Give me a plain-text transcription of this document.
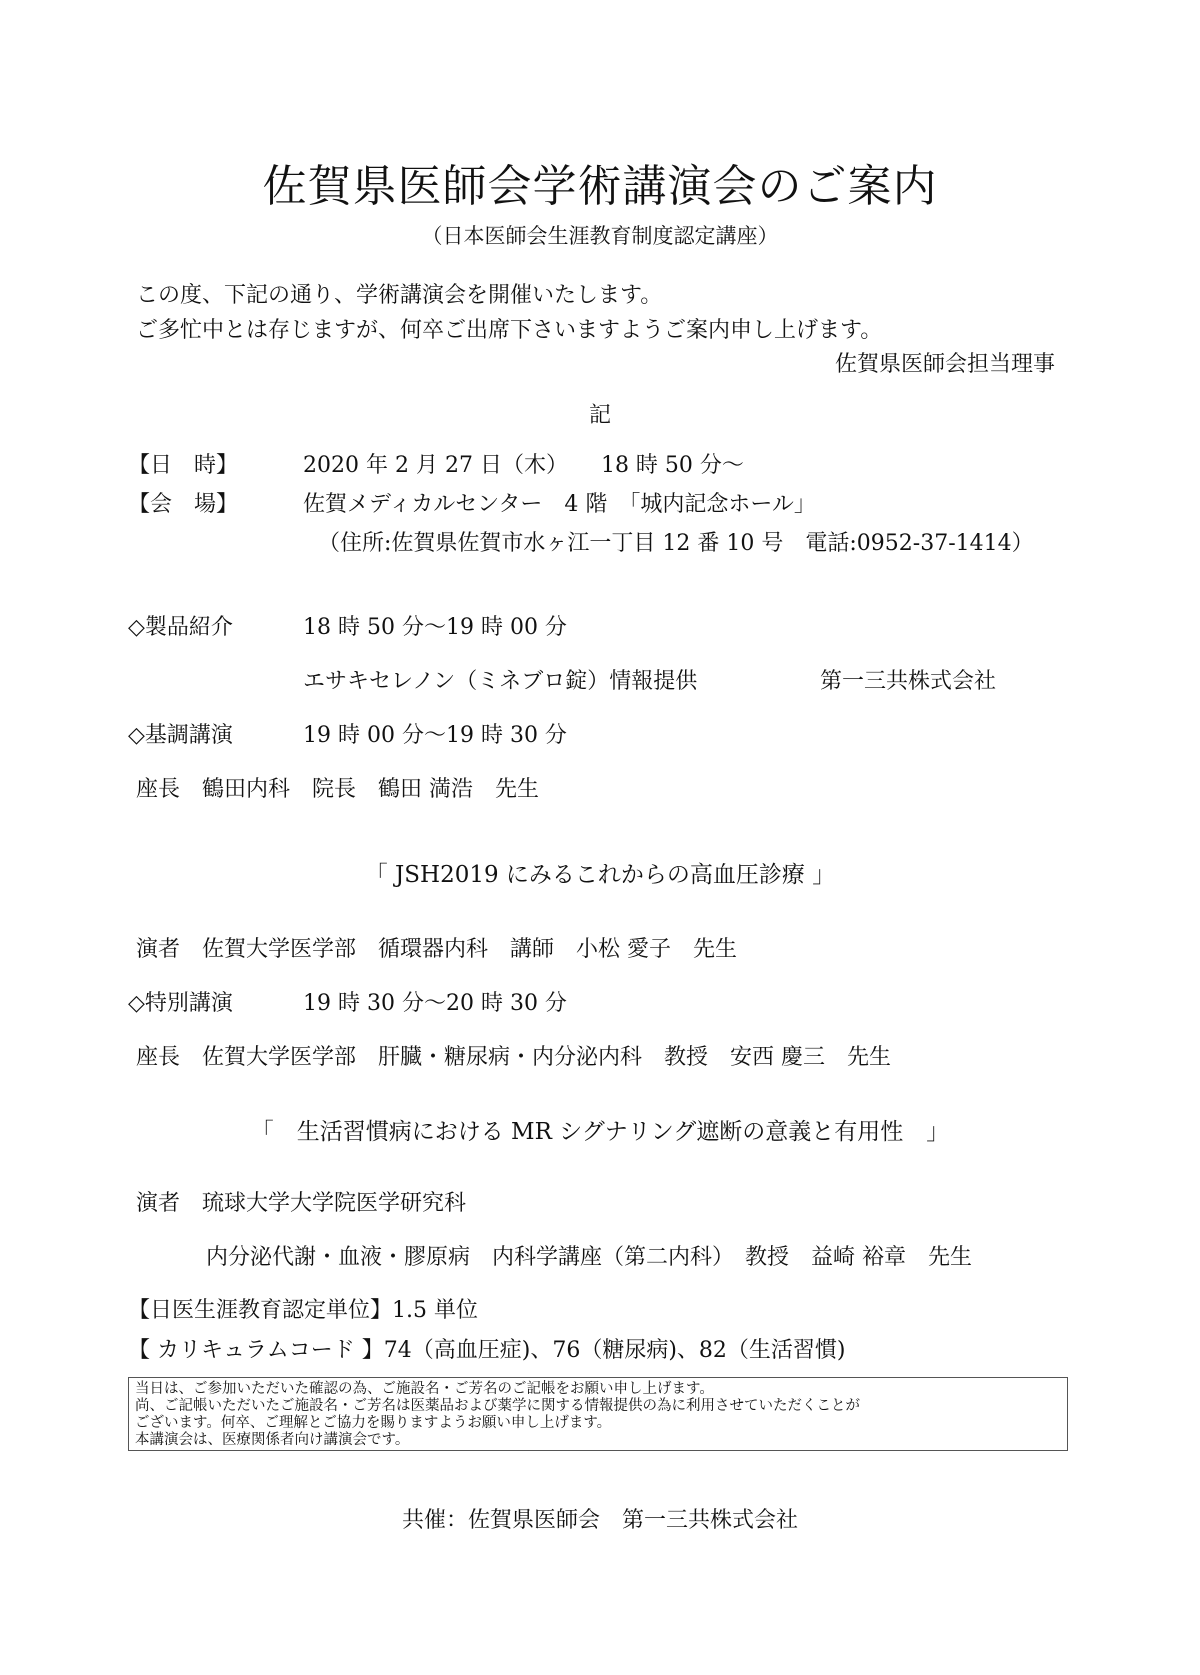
佐賀県医師会学術講演会のご案内
（日本医師会生涯教育制度認定講座）
この度、下記の通り、学術講演会を開催いたします。
ご多忙中とは存じますが、何卒ご出席下さいますようご案内申し上げます。
佐賀県医師会担当理事
記
【日　時】	2020 年 2 月 27 日（木）　　18 時 50 分～
【会　場】	佐賀メディカルセンター　4 階　「城内記念ホール」
（住所:佐賀県佐賀市水ヶ江一丁目 12 番 10 号　電話:0952-37-1414）
◇製品紹介	18 時 50 分～19 時 00 分
エサキセレノン（ミネブロ錠）情報提供	第一三共株式会社
◇基調講演	19 時 00 分～19 時 30 分
座長　鶴田内科　院長　鶴田 満浩　先生
「 JSH2019 にみるこれからの高血圧診療 」
演者　佐賀大学医学部　循環器内科　講師　小松 愛子　先生
◇特別講演	19 時 30 分～20 時 30 分
座長　佐賀大学医学部　肝臓・糖尿病・内分泌内科　教授　安西 慶三　先生
「　生活習慣病における MR シグナリング遮断の意義と有用性　」
演者　琉球大学大学院医学研究科
内分泌代謝・血液・膠原病　内科学講座（第二内科）　教授　益崎 裕章　先生
【日医生涯教育認定単位】1.5 単位
【 カリキュラムコード 】74（高血圧症)、76（糖尿病)、82（生活習慣)
当日は、ご参加いただいた確認の為、ご施設名・ご芳名のご記帳をお願い申し上げます。
尚、ご記帳いただいたご施設名・ご芳名は医薬品および薬学に関する情報提供の為に利用させていただくことが
ございます。何卒、ご理解とご協力を賜りますようお願い申し上げます。
本講演会は、医療関係者向け講演会です。
共催：佐賀県医師会　第一三共株式会社
